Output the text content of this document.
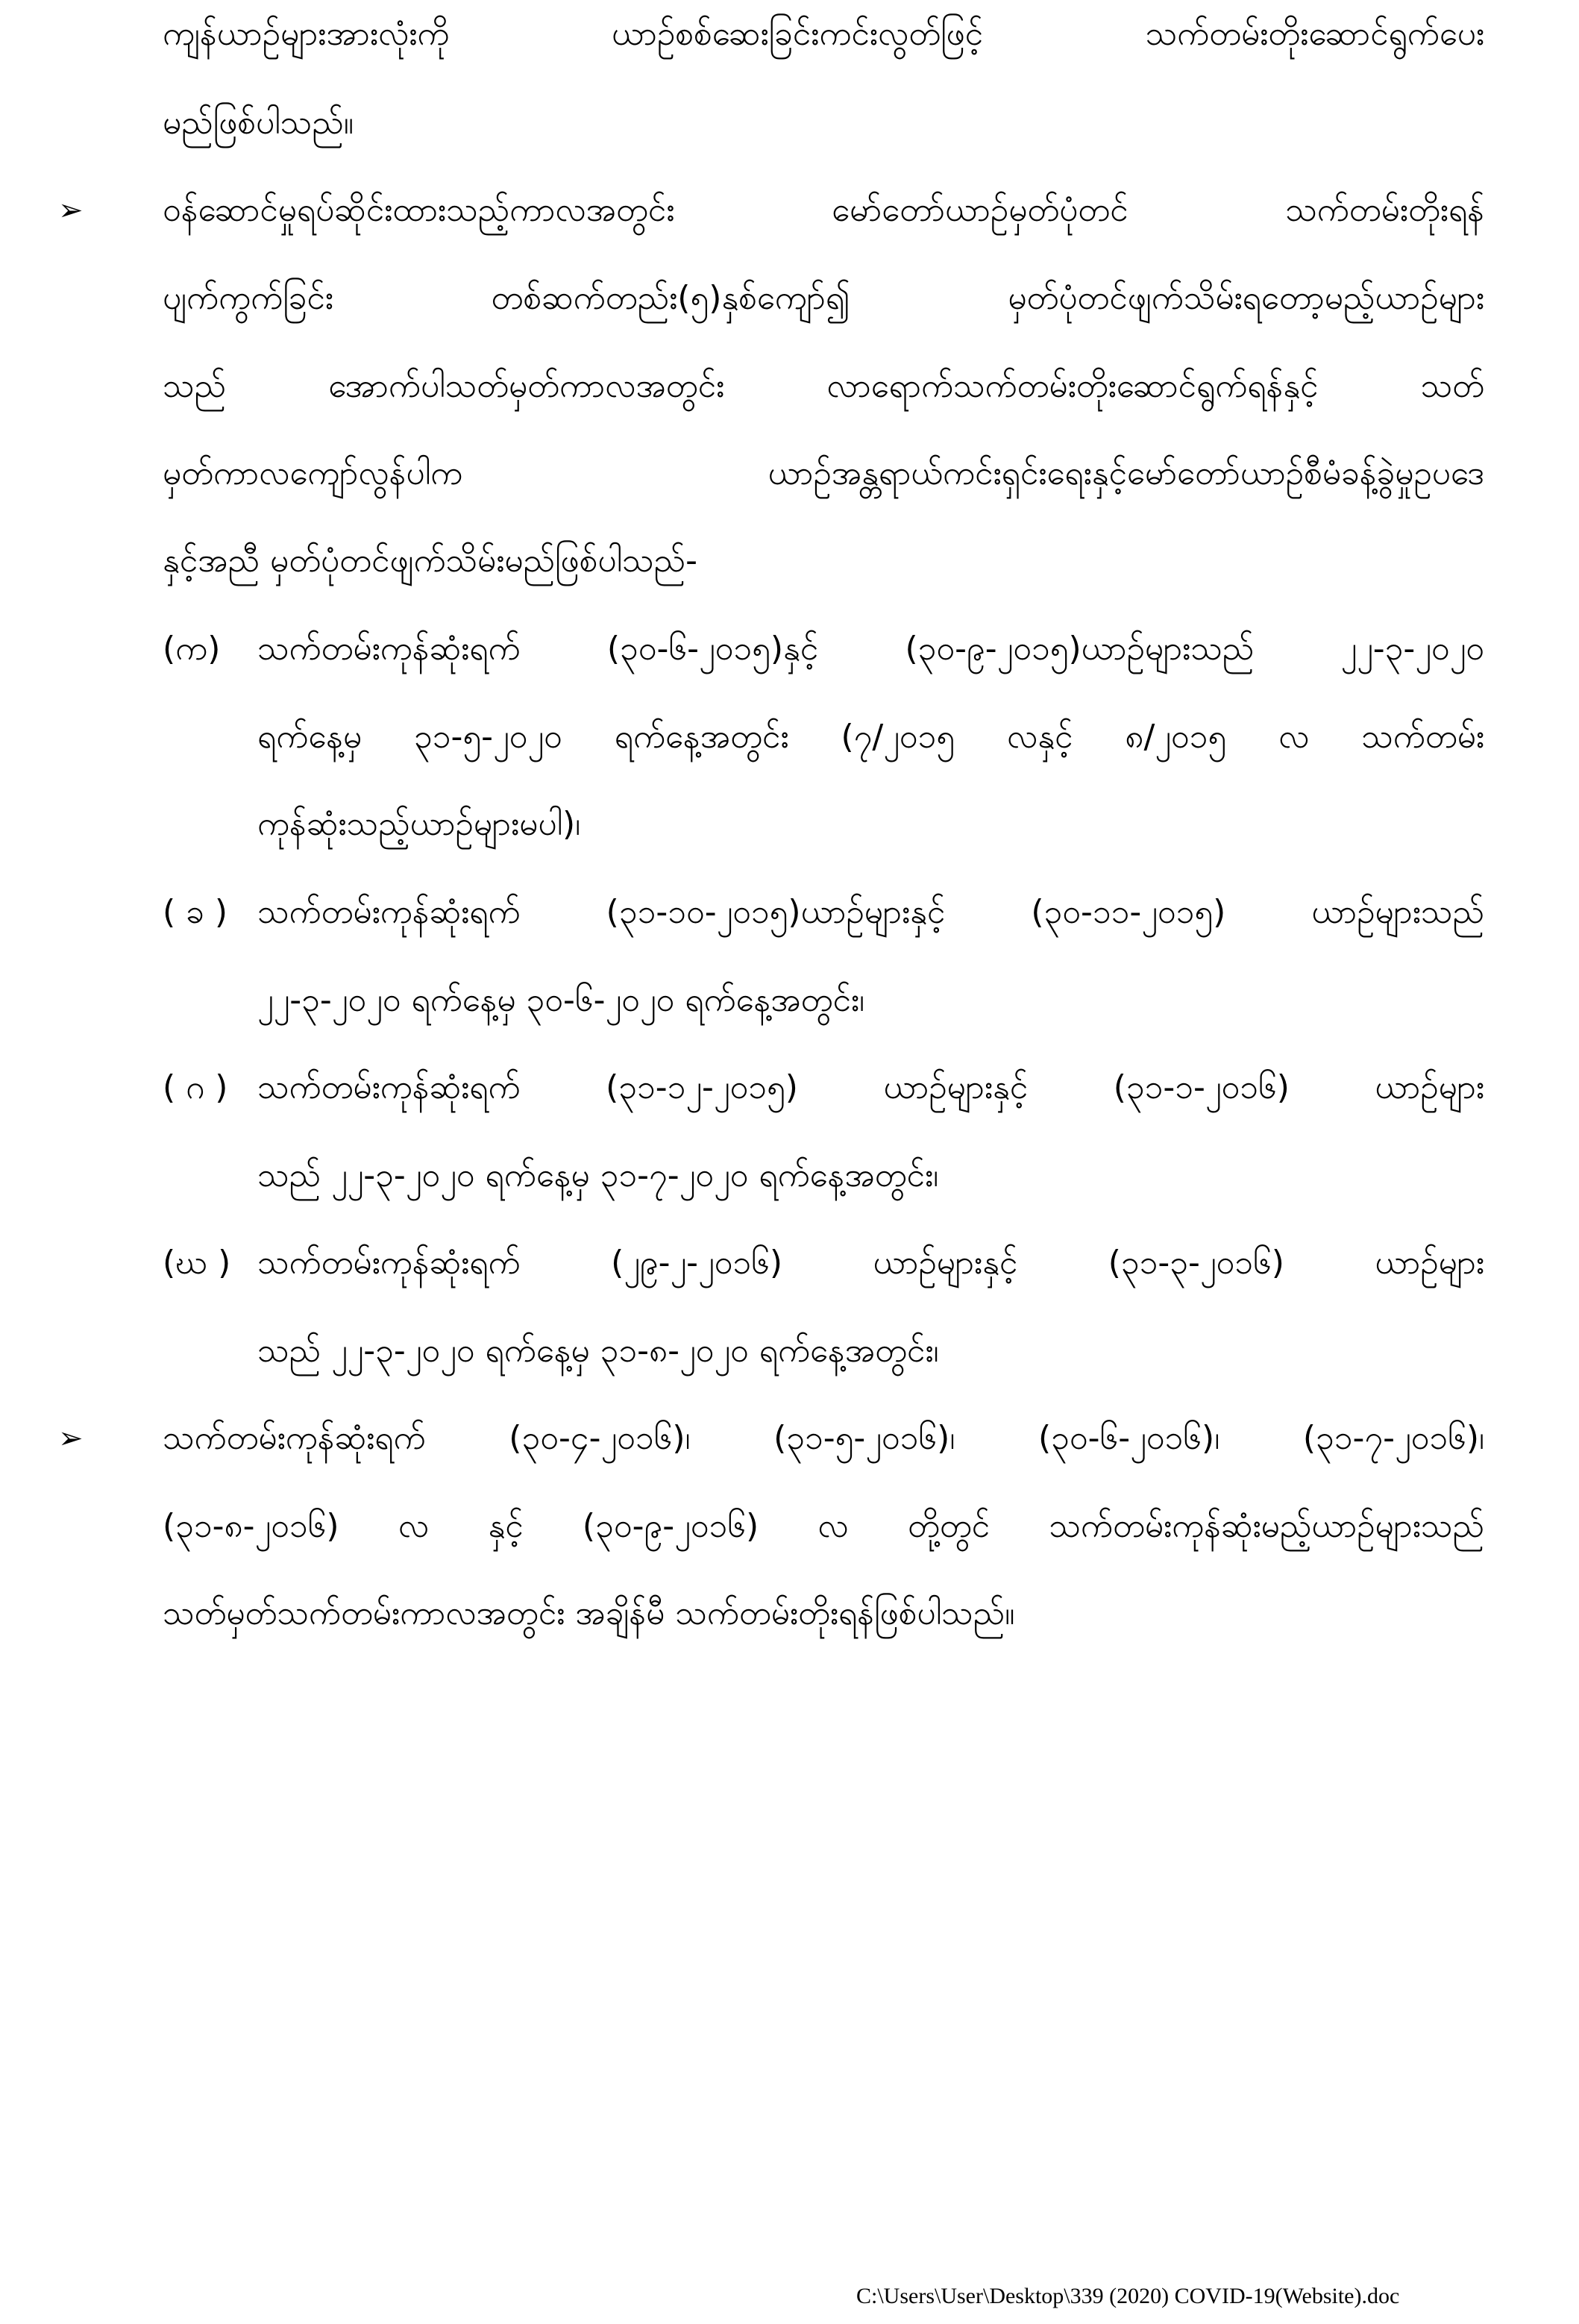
ကျန်ယာဉ်များအားလုံးကို ယာဉ်စစ်ဆေးခြင်းကင်းလွတ်ဖြင့် သက်တမ်းတိုးဆောင်ရွက်ပေး
မည်ဖြစ်ပါသည်။
➢ ဝန်ဆောင်မှုရပ်ဆိုင်းထားသည့်ကာလအတွင်း မော်တော်ယာဉ်မှတ်ပုံတင် သက်တမ်းတိုးရန်
ပျက်ကွက်ခြင်း တစ်ဆက်တည်း(၅)နှစ်ကျော်၍ မှတ်ပုံတင်ဖျက်သိမ်းရတော့မည့်ယာဉ်များ
သည် အောက်ပါသတ်မှတ်ကာလအတွင်း လာရောက်သက်တမ်းတိုးဆောင်ရွက်ရန်နှင့် သတ်
မှတ်ကာလကျော်လွန်ပါက ယာဉ်အန္တရာယ်ကင်းရှင်းရေးနှင့်မော်တော်ယာဉ်စီမံခန့်ခွဲမှုဥပဒေ
နှင့်အညီ မှတ်ပုံတင်ဖျက်သိမ်းမည်ဖြစ်ပါသည်-
(က) သက်တမ်းကုန်ဆုံးရက် (၃၀-၆-၂၀၁၅)နှင့် (၃၀-၉-၂၀၁၅)ယာဉ်များသည် ၂၂-၃-၂၀၂၀
ရက်နေ့မှ ၃၁-၅-၂၀၂၀ ရက်နေ့အတွင်း (၇/၂၀၁၅ လနှင့် ၈/၂၀၁၅ လ သက်တမ်း
ကုန်ဆုံးသည့်ယာဉ်များမပါ)၊
( ခ ) သက်တမ်းကုန်ဆုံးရက် (၃၁-၁၀-၂၀၁၅)ယာဉ်များနှင့် (၃၀-၁၁-၂၀၁၅) ယာဉ်များသည်
၂၂-၃-၂၀၂၀ ရက်နေ့မှ ၃၀-၆-၂၀၂၀ ရက်နေ့အတွင်း၊
( ဂ ) သက်တမ်းကုန်ဆုံးရက် (၃၁-၁၂-၂၀၁၅) ယာဉ်များနှင့် (၃၁-၁-၂၀၁၆) ယာဉ်များ
သည် ၂၂-၃-၂၀၂၀ ရက်နေ့မှ ၃၁-၇-၂၀၂၀ ရက်နေ့အတွင်း၊
(ဃ ) သက်တမ်းကုန်ဆုံးရက် (၂၉-၂-၂၀၁၆) ယာဉ်များနှင့် (၃၁-၃-၂၀၁၆) ယာဉ်များ
သည် ၂၂-၃-၂၀၂၀ ရက်နေ့မှ ၃၁-၈-၂၀၂၀ ရက်နေ့အတွင်း၊
➢ သက်တမ်းကုန်ဆုံးရက် (၃၀-၄-၂၀၁၆)၊ (၃၁-၅-၂၀၁၆)၊ (၃၀-၆-၂၀၁၆)၊ (၃၁-၇-၂၀၁၆)၊
(၃၁-၈-၂၀၁၆) လ နှင့် (၃၀-၉-၂၀၁၆) လ တို့တွင် သက်တမ်းကုန်ဆုံးမည့်ယာဉ်များသည်
သတ်မှတ်သက်တမ်းကာလအတွင်း အချိန်မီ သက်တမ်းတိုးရန်ဖြစ်ပါသည်။
C:\Users\User\Desktop\339 (2020) COVID-19(Website).doc
